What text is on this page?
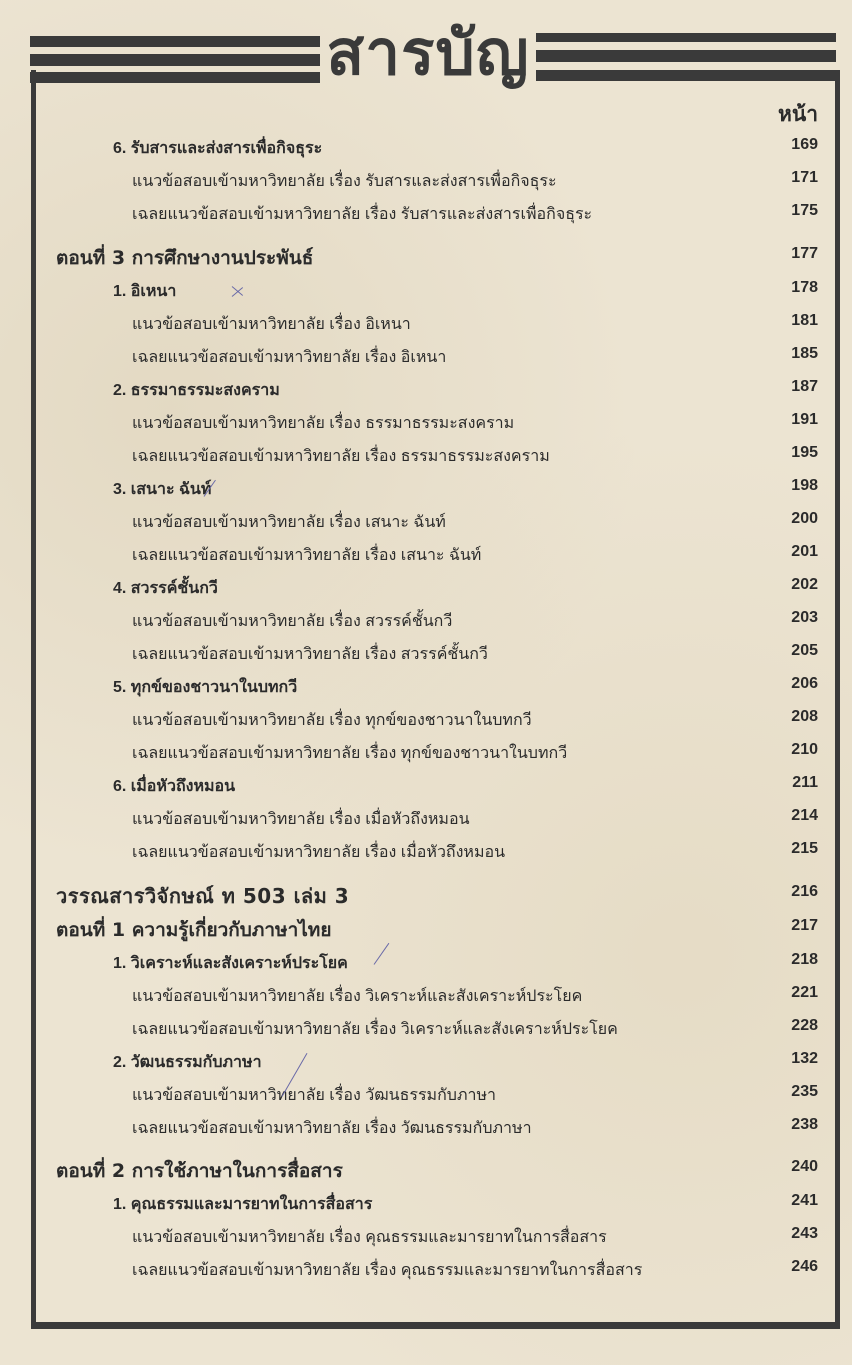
สารบัญ
หน้า
6. รับสารและส่งสารเพื่อกิจธุระ	169
แนวข้อสอบเข้ามหาวิทยาลัย เรื่อง รับสารและส่งสารเพื่อกิจธุระ	171
เฉลยแนวข้อสอบเข้ามหาวิทยาลัย เรื่อง รับสารและส่งสารเพื่อกิจธุระ	175
ตอนที่ 3 การศึกษางานประพันธ์	177
1. อิเหนา	178
แนวข้อสอบเข้ามหาวิทยาลัย เรื่อง อิเหนา	181
เฉลยแนวข้อสอบเข้ามหาวิทยาลัย เรื่อง อิเหนา	185
2. ธรรมาธรรมะสงคราม	187
แนวข้อสอบเข้ามหาวิทยาลัย เรื่อง ธรรมาธรรมะสงคราม	191
เฉลยแนวข้อสอบเข้ามหาวิทยาลัย เรื่อง ธรรมาธรรมะสงคราม	195
3. เสนาะ ฉันท์	198
แนวข้อสอบเข้ามหาวิทยาลัย เรื่อง เสนาะ ฉันท์	200
เฉลยแนวข้อสอบเข้ามหาวิทยาลัย เรื่อง เสนาะ ฉันท์	201
4. สวรรค์ชั้นกวี	202
แนวข้อสอบเข้ามหาวิทยาลัย เรื่อง สวรรค์ชั้นกวี	203
เฉลยแนวข้อสอบเข้ามหาวิทยาลัย เรื่อง สวรรค์ชั้นกวี	205
5. ทุกข์ของชาวนาในบทกวี	206
แนวข้อสอบเข้ามหาวิทยาลัย เรื่อง ทุกข์ของชาวนาในบทกวี	208
เฉลยแนวข้อสอบเข้ามหาวิทยาลัย เรื่อง ทุกข์ของชาวนาในบทกวี	210
6. เมื่อหัวถึงหมอน	211
แนวข้อสอบเข้ามหาวิทยาลัย เรื่อง เมื่อหัวถึงหมอน	214
เฉลยแนวข้อสอบเข้ามหาวิทยาลัย เรื่อง เมื่อหัวถึงหมอน	215
วรรณสารวิจักษณ์ ท 503 เล่ม 3	216
ตอนที่ 1 ความรู้เกี่ยวกับภาษาไทย	217
1. วิเคราะห์และสังเคราะห์ประโยค	218
แนวข้อสอบเข้ามหาวิทยาลัย เรื่อง วิเคราะห์และสังเคราะห์ประโยค	221
เฉลยแนวข้อสอบเข้ามหาวิทยาลัย เรื่อง วิเคราะห์และสังเคราะห์ประโยค	228
2. วัฒนธรรมกับภาษา	132
แนวข้อสอบเข้ามหาวิทยาลัย เรื่อง วัฒนธรรมกับภาษา	235
เฉลยแนวข้อสอบเข้ามหาวิทยาลัย เรื่อง วัฒนธรรมกับภาษา	238
ตอนที่ 2 การใช้ภาษาในการสื่อสาร	240
1. คุณธรรมและมารยาทในการสื่อสาร	241
แนวข้อสอบเข้ามหาวิทยาลัย เรื่อง คุณธรรมและมารยาทในการสื่อสาร	243
เฉลยแนวข้อสอบเข้ามหาวิทยาลัย เรื่อง คุณธรรมและมารยาทในการสื่อสาร	246
